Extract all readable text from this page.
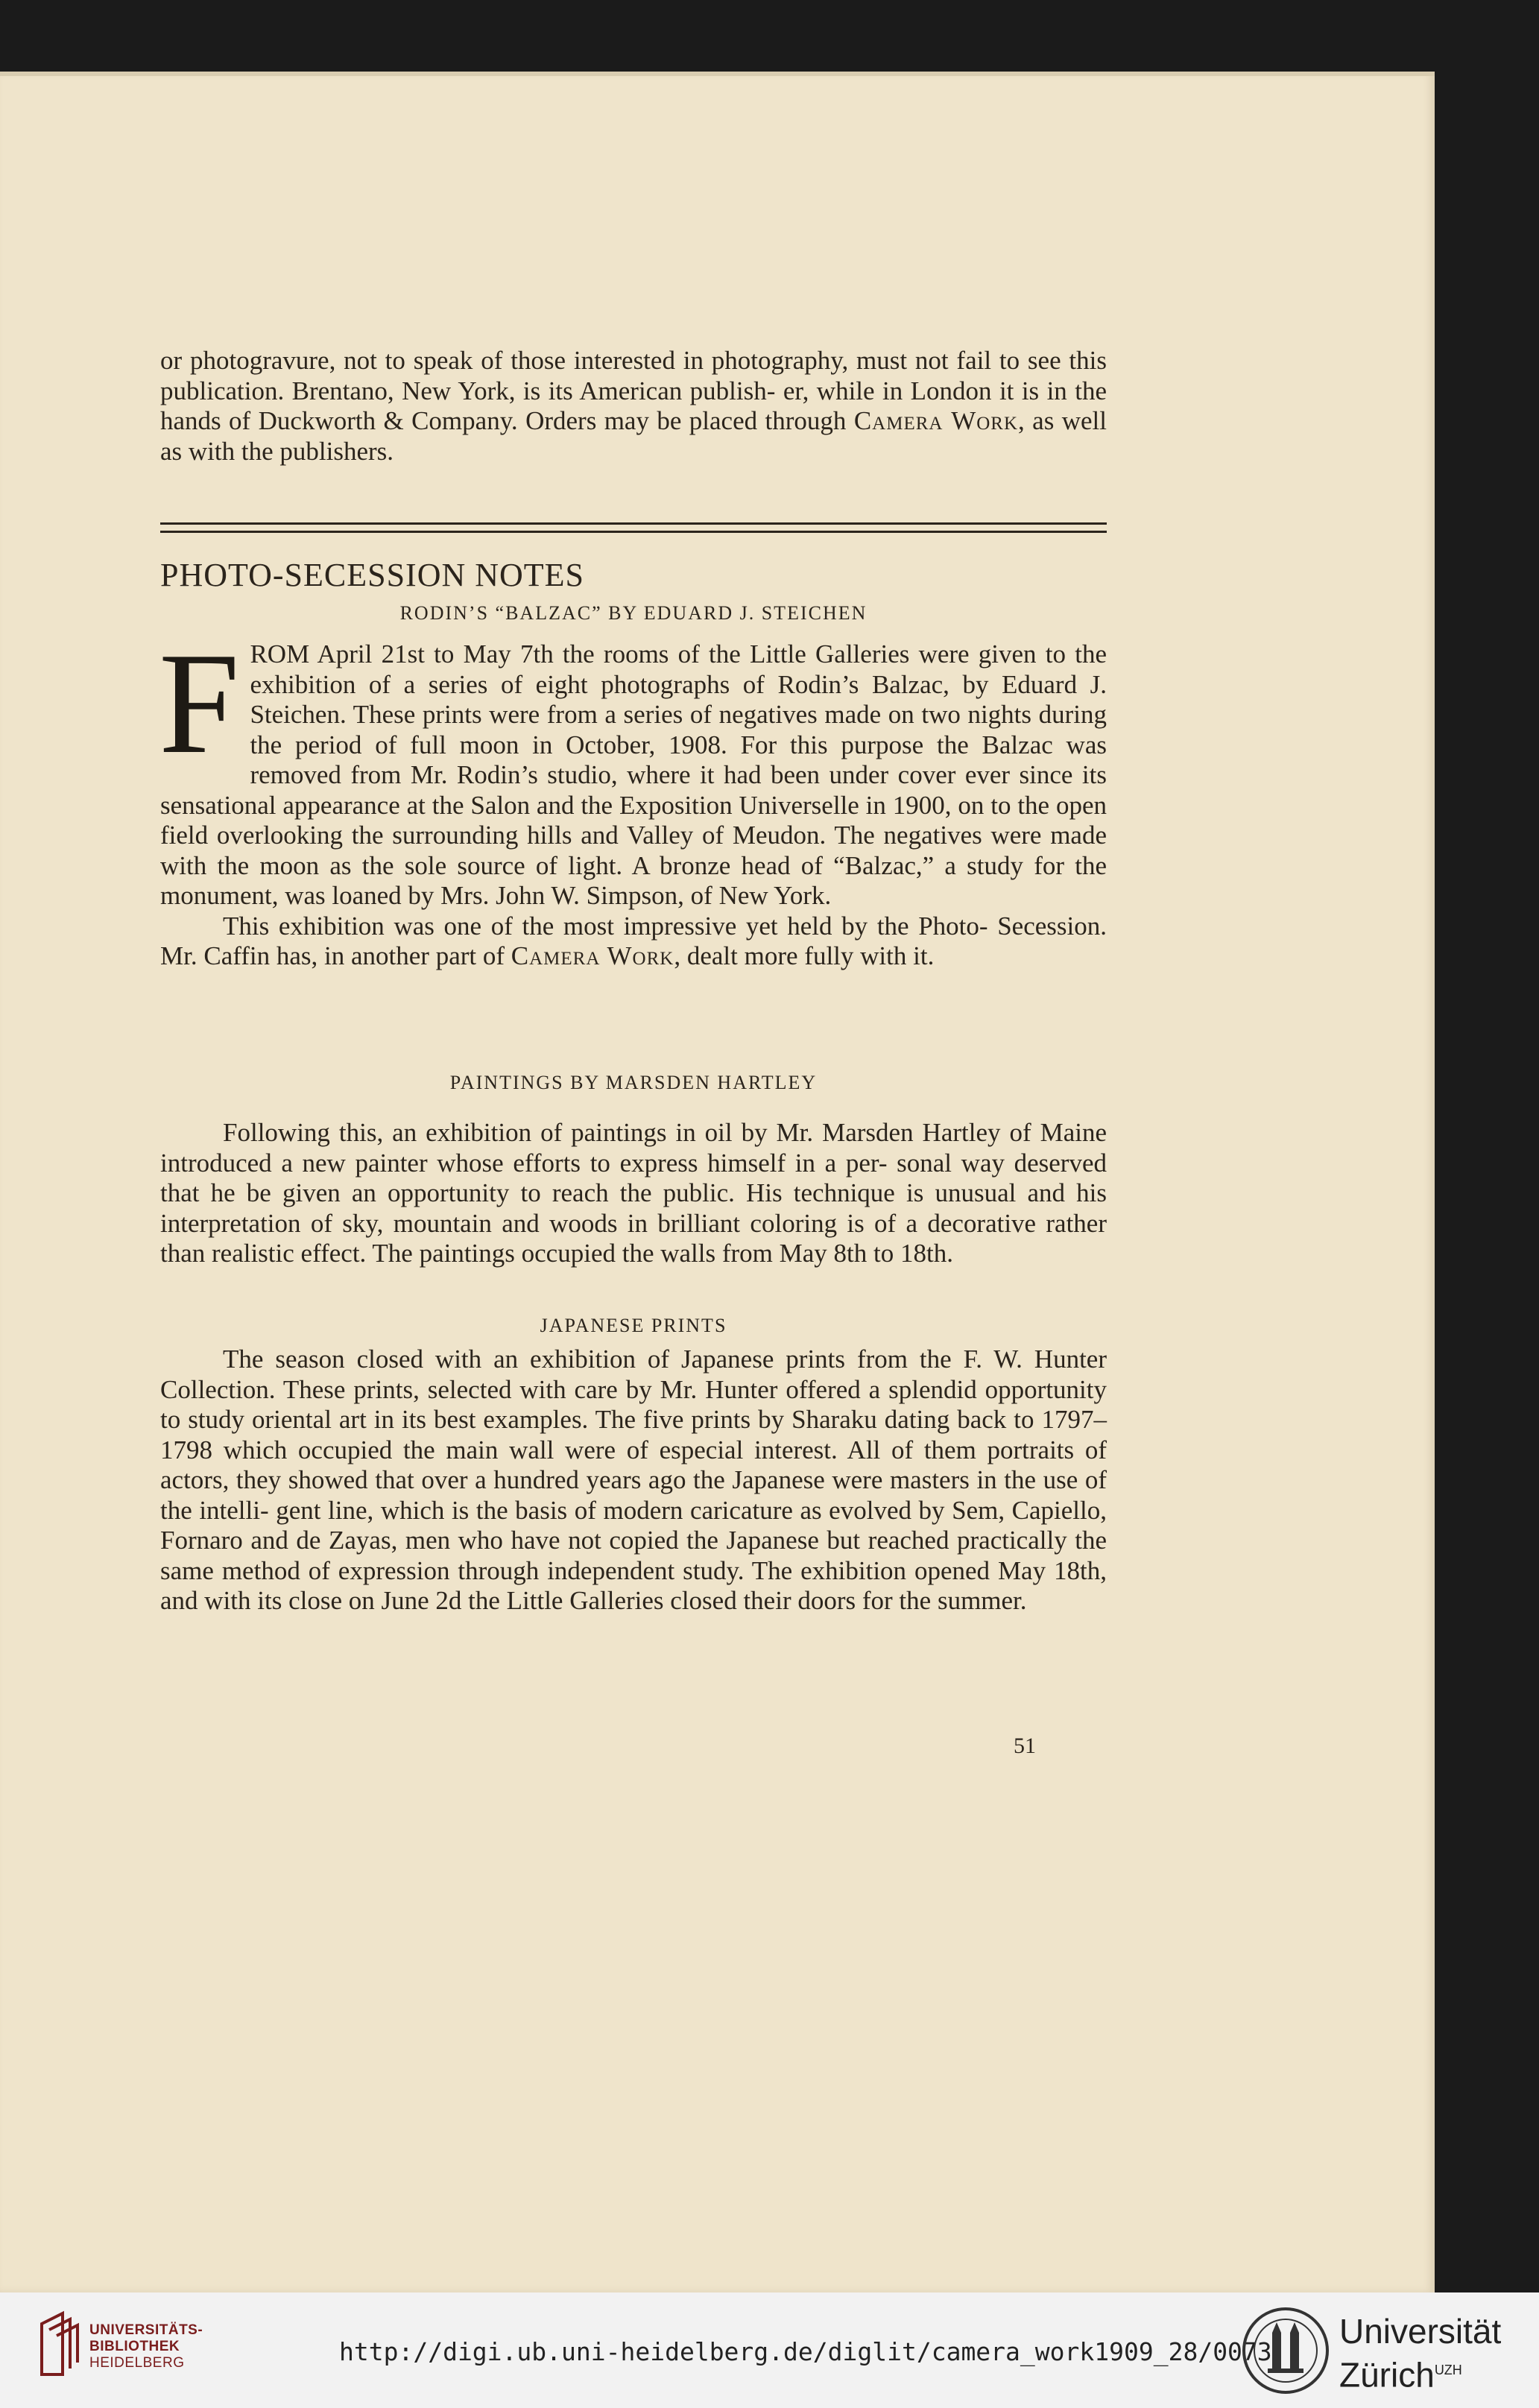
or photogravure, not to speak of those interested in photography, must not fail to see this publication. Brentano, New York, is its American publish- er, while in London it is in the hands of Duckworth & Company. Orders may be placed through Camera Work, as well as with the publishers.

PHOTO-SECESSION NOTES
RODIN’S “BALZAC” BY EDUARD J. STEICHEN

FROM April 21st to May 7th the rooms of the Little Galleries were given to the exhibition of a series of eight photographs of Rodin’s Balzac, by Eduard J. Steichen. These prints were from a series of negatives made on two nights during the period of full moon in October, 1908. For this purpose the Balzac was removed from Mr. Rodin’s studio, where it had been under cover ever since its sensational appearance at the Salon and the Exposition Universelle in 1900, on to the open field overlooking the surrounding hills and Valley of Meudon. The negatives were made with the moon as the sole source of light. A bronze head of “Balzac,” a study for the monument, was loaned by Mrs. John W. Simpson, of New York.

This exhibition was one of the most impressive yet held by the Photo- Secession. Mr. Caffin has, in another part of Camera Work, dealt more fully with it.

PAINTINGS BY MARSDEN HARTLEY

Following this, an exhibition of paintings in oil by Mr. Marsden Hartley of Maine introduced a new painter whose efforts to express himself in a per- sonal way deserved that he be given an opportunity to reach the public. His technique is unusual and his interpretation of sky, mountain and woods in brilliant coloring is of a decorative rather than realistic effect. The paintings occupied the walls from May 8th to 18th.

JAPANESE PRINTS

The season closed with an exhibition of Japanese prints from the F. W. Hunter Collection. These prints, selected with care by Mr. Hunter offered a splendid opportunity to study oriental art in its best examples. The five prints by Sharaku dating back to 1797–1798 which occupied the main wall were of especial interest. All of them portraits of actors, they showed that over a hundred years ago the Japanese were masters in the use of the intelli- gent line, which is the basis of modern caricature as evolved by Sem, Capiello, Fornaro and de Zayas, men who have not copied the Japanese but reached practically the same method of expression through independent study. The exhibition opened May 18th, and with its close on June 2d the Little Galleries closed their doors for the summer.

51
UNIVERSITÄTS-
BIBLIOTHEK
HEIDELBERG	http://digi.ub.uni-heidelberg.de/diglit/camera_work1909_28/0073
Universität
Zürich$^{UZH}$
